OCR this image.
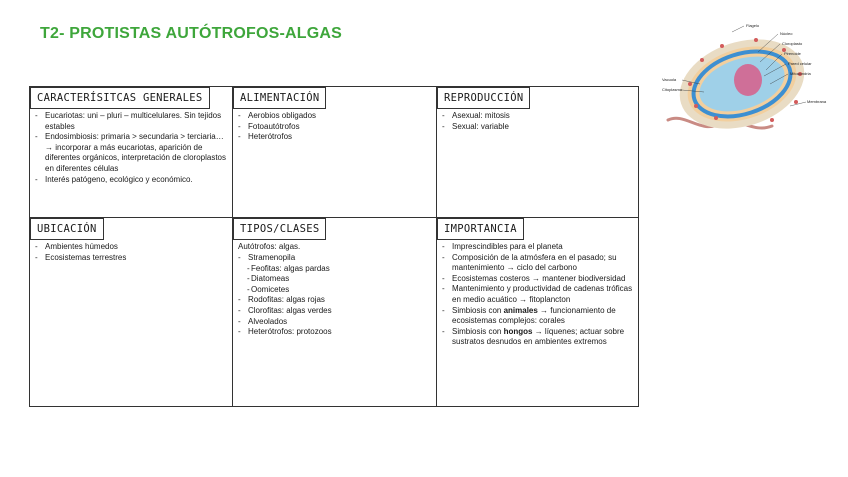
T2- PROTISTAS AUTÓTROFOS-ALGAS
CARACTERÍSITCAS GENERALES
- Eucariotas: uni – pluri – multicelulares. Sin tejidos estables
- Endosimbiosis: primaria > secundaria > terciaria…→ incorporar a más eucariotas, aparición de diferentes orgánicos, interpretación de cloroplastos en diferentes células
- Interés patógeno, ecológico y económico.
ALIMENTACIÓN
- Aerobios obligados
- Fotoautótrofos
- Heterótrofos
REPRODUCCIÓN
- Asexual: mitosis
- Sexual: variable
UBICACIÓN
- Ambientes húmedos
- Ecosistemas terrestres
TIPOS/CLASES
Autótrofos: algas.
- Stramenopila
- Feofitas: algas pardas
- Diatomeas
- Oomicetes
- Rodofitas: algas rojas
- Clorofitas: algas verdes
- Alveolados
- Heterótrofos: protozoos
IMPORTANCIA
- Imprescindibles para el planeta
- Composición de la atmósfera en el pasado; su mantenimiento → ciclo del carbono
- Ecosistemas costeros → mantener biodiversidad
- Mantenimiento y productividad de cadenas tróficas en medio acuático → fitoplancton
- Simbiosis con animales → funcionamiento de ecosistemas complejos: corales
- Simbiosis con hongos → líquenes; actuar sobre sustratos desnudos en ambientes extremos
Flagelo
Núcleo
Cloroplasto
Pirenoide
Pared celular
Mitocondria
Vacuola
Citoplasma
Membrana
